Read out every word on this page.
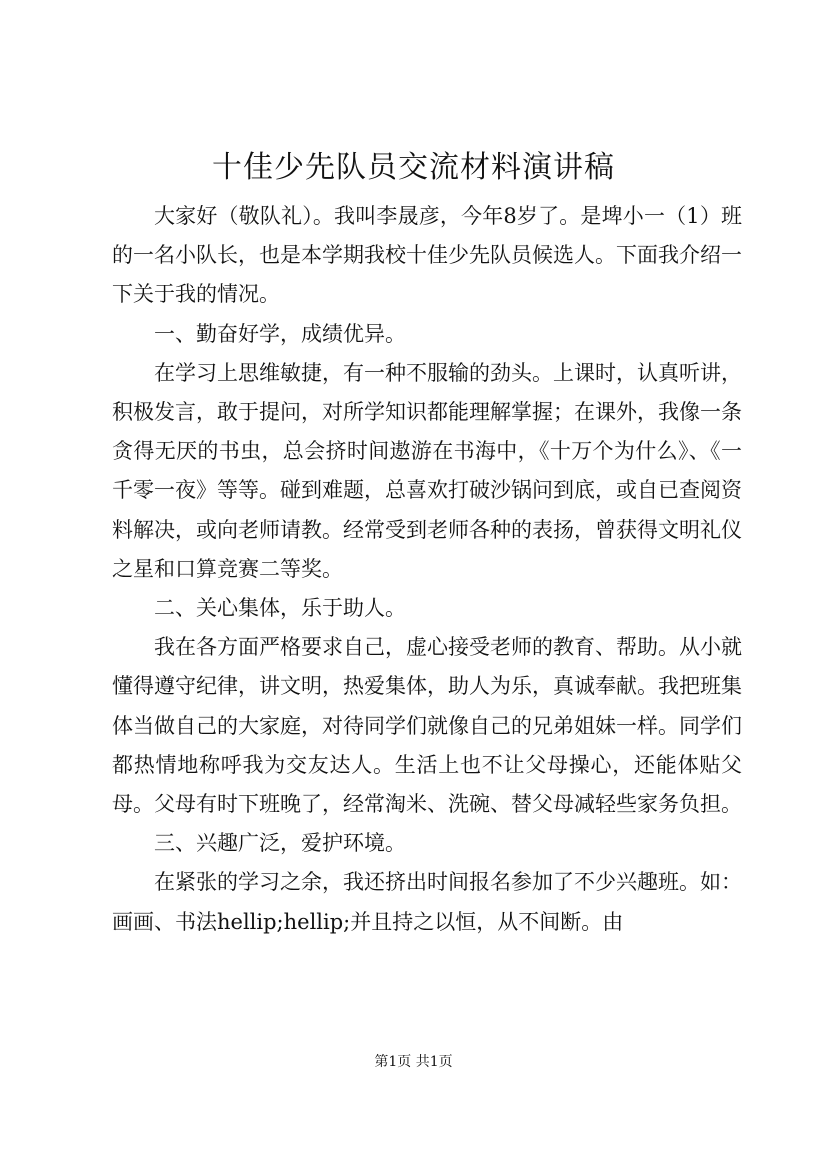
十佳少先队员交流材料演讲稿

大家好（敬队礼）。我叫李晟彦，今年8岁了。是埤小一（1）班的一名小队长，也是本学期我校十佳少先队员候选人。下面我介绍一下关于我的情况。

一、勤奋好学，成绩优异。

在学习上思维敏捷，有一种不服输的劲头。上课时，认真听讲，积极发言，敢于提问，对所学知识都能理解掌握；在课外，我像一条贪得无厌的书虫，总会挤时间遨游在书海中，《十万个为什么》、《一千零一夜》等等。碰到难题，总喜欢打破沙锅问到底，或自已查阅资料解决，或向老师请教。经常受到老师各种的表扬，曾获得文明礼仪之星和口算竞赛二等奖。

二、关心集体，乐于助人。

我在各方面严格要求自己，虚心接受老师的教育、帮助。从小就懂得遵守纪律，讲文明，热爱集体，助人为乐，真诚奉献。我把班集体当做自己的大家庭，对待同学们就像自己的兄弟姐妹一样。同学们都热情地称呼我为交友达人。生活上也不让父母操心，还能体贴父母。父母有时下班晚了，经常淘米、洗碗、替父母减轻些家务负担。

三、兴趣广泛，爱护环境。

在紧张的学习之余，我还挤出时间报名参加了不少兴趣班。如：画画、书法hellip;hellip;并且持之以恒，从不间断。由

第1页 共1页
